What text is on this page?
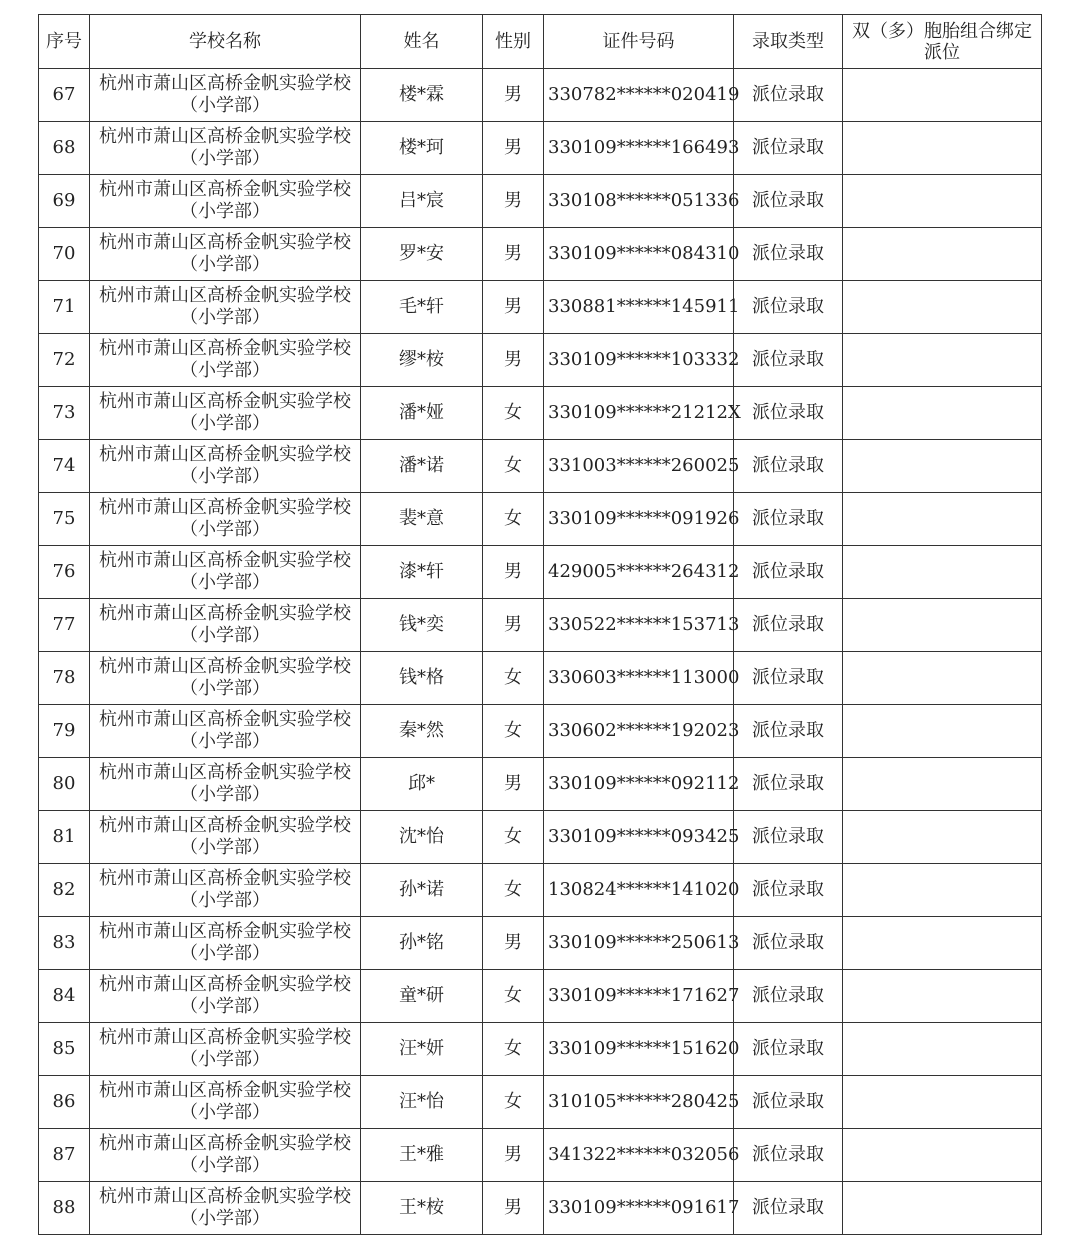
序号	学校名称	姓名	性别	证件号码	录取类型	双（多）胞胎组合绑定派位
67	杭州市萧山区高桥金帆实验学校（小学部）	楼*霖	男	330782******020419	派位录取	
68	杭州市萧山区高桥金帆实验学校（小学部）	楼*珂	男	330109******166493	派位录取	
69	杭州市萧山区高桥金帆实验学校（小学部）	吕*宸	男	330108******051336	派位录取	
70	杭州市萧山区高桥金帆实验学校（小学部）	罗*安	男	330109******084310	派位录取	
71	杭州市萧山区高桥金帆实验学校（小学部）	毛*轩	男	330881******145911	派位录取	
72	杭州市萧山区高桥金帆实验学校（小学部）	缪*桉	男	330109******103332	派位录取	
73	杭州市萧山区高桥金帆实验学校（小学部）	潘*娅	女	330109******21212X	派位录取	
74	杭州市萧山区高桥金帆实验学校（小学部）	潘*诺	女	331003******260025	派位录取	
75	杭州市萧山区高桥金帆实验学校（小学部）	裴*意	女	330109******091926	派位录取	
76	杭州市萧山区高桥金帆实验学校（小学部）	漆*轩	男	429005******264312	派位录取	
77	杭州市萧山区高桥金帆实验学校（小学部）	钱*奕	男	330522******153713	派位录取	
78	杭州市萧山区高桥金帆实验学校（小学部）	钱*格	女	330603******113000	派位录取	
79	杭州市萧山区高桥金帆实验学校（小学部）	秦*然	女	330602******192023	派位录取	
80	杭州市萧山区高桥金帆实验学校（小学部）	邱*	男	330109******092112	派位录取	
81	杭州市萧山区高桥金帆实验学校（小学部）	沈*怡	女	330109******093425	派位录取	
82	杭州市萧山区高桥金帆实验学校（小学部）	孙*诺	女	130824******141020	派位录取	
83	杭州市萧山区高桥金帆实验学校（小学部）	孙*铭	男	330109******250613	派位录取	
84	杭州市萧山区高桥金帆实验学校（小学部）	童*研	女	330109******171627	派位录取	
85	杭州市萧山区高桥金帆实验学校（小学部）	汪*妍	女	330109******151620	派位录取	
86	杭州市萧山区高桥金帆实验学校（小学部）	汪*怡	女	310105******280425	派位录取	
87	杭州市萧山区高桥金帆实验学校（小学部）	王*雅	男	341322******032056	派位录取	
88	杭州市萧山区高桥金帆实验学校（小学部）	王*桉	男	330109******091617	派位录取	
